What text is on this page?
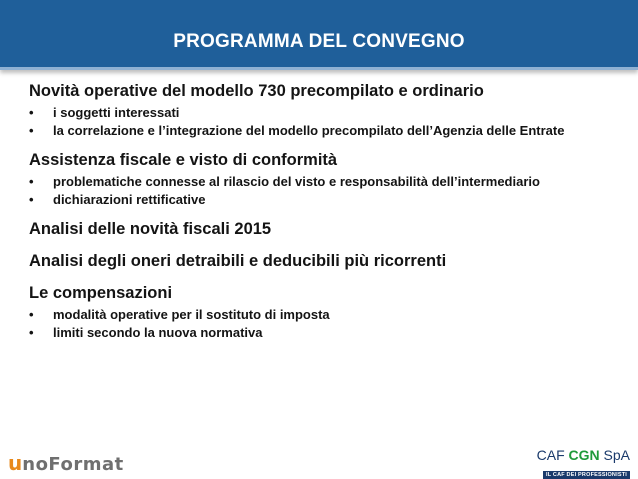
PROGRAMMA DEL CONVEGNO
Novità operative del modello 730 precompilato e ordinario
• i soggetti interessati
• la correlazione e l’integrazione del modello precompilato dell’Agenzia delle Entrate
Assistenza fiscale e visto di conformità
• problematiche connesse al rilascio del visto e responsabilità dell’intermediario
• dichiarazioni rettificative
Analisi delle novità fiscali 2015
Analisi degli oneri detraibili e deducibili più ricorrenti
Le compensazioni
• modalità operative per il sostituto di imposta
• limiti secondo la nuova normativa
u noFormat	CAF CGN SpA
IL CAF DEI PROFESSIONISTI
